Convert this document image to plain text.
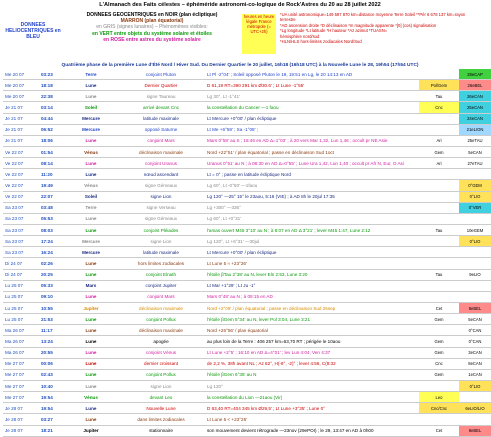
L'Almanach des Faits célestes – éphéméride astronomi-co-logique de Rock'Astres du 20 au 28 juillet 2022
DONNEES HELIOCENTRIQUES en BLEU
DONNEES GEOCENTRIQUES en NOIR (plan écliptique)
MARRON (plan équatorial)
en GRIS (signes lunaires) – Phénomènes visibles:
en VERT entre objets du système solaire et étoiles
en ROSE entre astres du système solaire
heures en heure légale France métropole (= UTC+2h)
*UA unité astronomique=149 597 870 km=distance moyenne Terre Soleil **Pér 6 678 137 km=rayon terrestre
*AD ascension droite *D déclinaison *m magnitude apparente *[0] (cos) signalisation
*Lg longitude *Lt latitude *H hauteur *Az azimut *TUASN=
hémisphère nord/sud
*HLN/HLS hors-limites zodiacales Nord/Sud
Quatrième phase de la première Lune d'Été Nord / Hiver Sud. Du Dernier Quartier le 20 juillet, 16h18 (16h18 UTC) à la Nouvelle Lune le 28, 19h54 (17h54 UTC)
Me 20 07	03:23	Terre	conjoint Pluton	Lt Pl -2°04' ; Soleil opposé Pluton le 19, 19:51 en Lg, le 20 14:13 en AD		28eCAP
Me 20 07	18:18	Lune	Dernier Quartier	D 61,19 RT=390 291 km Ø30.6' ; Lt Lune -1°55'	Pol/Gem	26eBEL
Me 20 07	22:38	Lune	signe Taureau	Lg 30°, Lt -1°41'	Tau	26eCAN
Je 21 07	03:14	Soleil	arrivé devant Cnc	la constellation du Cancer —1 faou	Cnc	25eCAN
Je 21 07	04:44	Mercure	latitude maximale	Lt Mercure +0°00' / plan écliptique		24eCAN
Je 21 07	06:52	Mercure	opposé Saturne	Lt Me +6°59' ; Sa -1°08' ;		21eLION
Je 21 07	18:06	Lune	conjoint Mars	Mars 0°58' au S ; 18:46 en AD Δ=1°03' ; à 20 vers Mar 1,32, Lun 1,46 ; occult pr NE Asie	Ari	25eTAU
Ve 22 07	01:54	Vénus	déclinaison maximale	Nord +22°51' / plan équatorial ; passe en déclinaison Sud 1oct	Gem	5eCAN
Ve 22 07	08:14	Lune	conjoint Uranus	Uranus 0°51' au N ; à 08:30 en AD Δ=0°55' ; Lune Ura 1,42, Lun 1,40 ; occult pr Afr N, Eur, O Asi	Ari	27eTAU
Ve 22 07	11:20	Lune	nœud ascendant	Lt = 0° ; passe en latitude écliptique Nord		
Ve 22 07	19:49	Vénus	signe Gémeaux	Lg 60°, Lt -0°50' —1faou		0°GEM
Ve 22 07	22:07	Soleil	signe Lion	Lg 120° —25° 15° le 23aou, 5:16 (VIE) ; à AD 8h le 20jul 17:35		0°LIO
Sa 23 07	03:48	Terre	signe Verseau	Lg +300° —336°		0°VER
Sa 23 07	05:53	Lune	signe Gémeaux	Lg 60°, Lt +0°31'		
Sa 23 07	08:03	Lune	conjoint Pléiades	l'amas ouvert M45 3°10' au N ; à 8:07 en AD Δ 3°21' ; lever M45 1:47, Lune 2:12	Tau	10eGEM
Sa 23 07	17:24	Mercure	signe Lion	Lg 120°, Lt +6°31' —30jul		0°LIO
Sa 23 07	16:24	Mercure	latitude maximale	Lt Mercure +0°00' / plan écliptique		
Di 24 07	02:26	Lune	hors limites zodiacales	Lt Lune 5 ≈ +23°26'		
Di 24 07	20:25	Lune	conjoint Elnath	l'étoile βTau 2°38' au N, lever Eln 2:53, Lune 3:20	Tau	9eLIO
Lu 25 07	05:33	Mars	conjoint Jupiter	Lt Mar +1°29' ; Lt Ju -1°		
Lu 25 07	09:10	Lune	conjoint Mars	Mars 0°48' au N ; à 09:15 en AD		
Lu 25 07	10:55	Jupiter	déclinaison maximale	Nord +2°09' / plan équatorial ; passe en déclinaison Sud 25sep	Cet	8eBEL
Lu 25 07	21:53	Lune	conjoint Pollux	l'étoile βGem 5°34' au N, lever Pol 3:04, Lune 3:21	Gem	5eCAN
Ma 26 07	11:17	Lune	déclinaison maximale	Nord +26°56' / plan équatorial		0°CAN
Ma 26 07	13:24	Lune	apogée	au plus loin de la Terre : 406 257 km=63,70 RT ; périgée le 10aou	Gem	0°CAN
Ma 26 07	20:55	Lune	conjoint Vénus	Lt Lune +2°5' ; 16:10 en AD Δ=4°01' ; lev Lun 4:04, Ven 4:37	Gem	3eCAN
Me 27 07	00:06	Lune	dernier croissant	de 2,2 %, 38h avant NL ; Az 62°, H(-9°, -2)° ; lever 4:56, C(8:32	Cnc	8eCAN
Me 27 07	02:43	Lune	conjoint Pollux	l'étoile βGem 6°35' au N	Gem	1eCAN
Me 27 07	10:40	Lune	signe Lion	Lg 120°		0°LIO
Me 27 07	19:54	Vénus	devant Leo	la constellation du Lion —21aou (Vir)	Leo	
Je 28 07	19:54	Lune	Nouvelle Lune	D 63,40 RT=404 345 km Ø29,5' ; Lt Lune +3°35' ; Lune 0°	Cnc/Cnc	6eLIO/LIO
Je 28 07	03:27	Lune	dans limites zodiacales	Lt Lune 5 < +23°26'		
Je 28 07	18:21	Jupiter	stationnaire	son mouvement devient rétrograde —23nov (29ePOI) ; le 29, 13:47 en AD à 0h00	Cet	8eBEL
